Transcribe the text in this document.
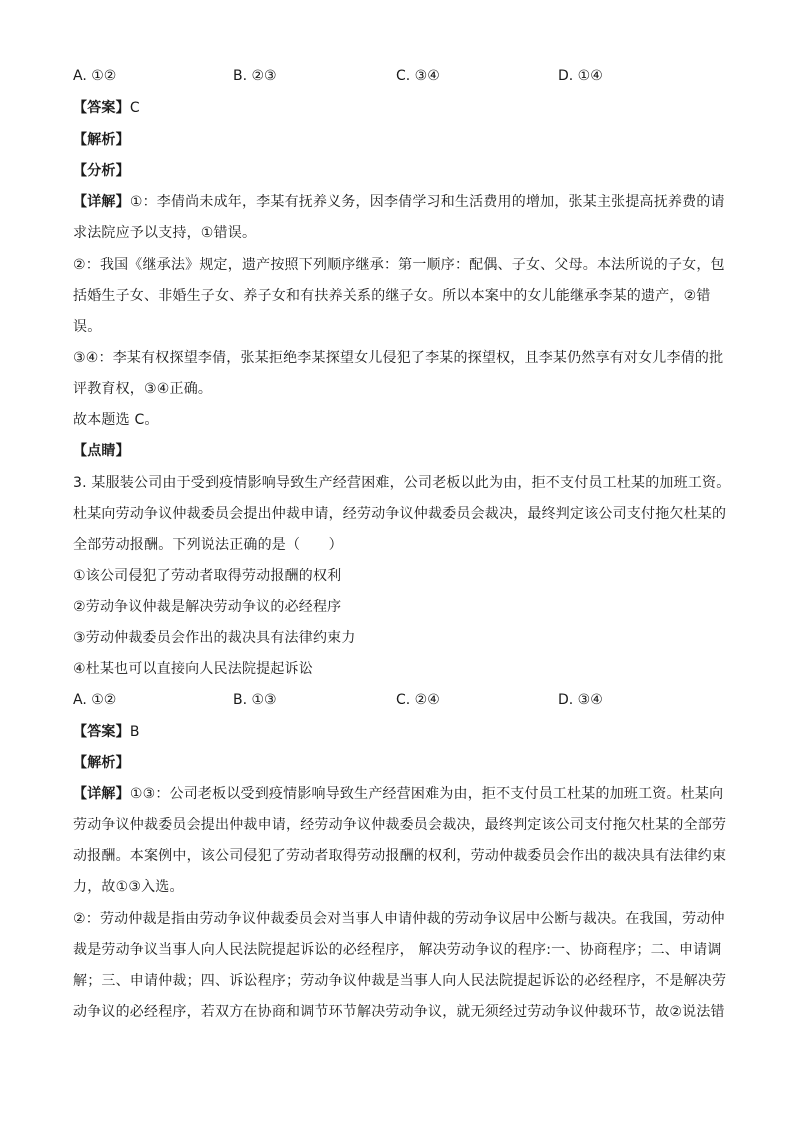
A. ①②	B. ②③	C. ③④	D. ①④
【答案】C
【解析】
【分析】
【详解】①：李倩尚未成年，李某有抚养义务，因李倩学习和生活费用的增加，张某主张提高抚养费的请
求法院应予以支持，①错误。
②：我国《继承法》规定，遗产按照下列顺序继承：第一顺序：配偶、子女、父母。本法所说的子女，包
括婚生子女、非婚生子女、养子女和有扶养关系的继子女。所以本案中的女儿能继承李某的遗产，②错
误。
③④：李某有权探望李倩，张某拒绝李某探望女儿侵犯了李某的探望权，且李某仍然享有对女儿李倩的批
评教育权，③④正确。
故本题选 C。
【点睛】
3. 某服装公司由于受到疫情影响导致生产经营困难，公司老板以此为由，拒不支付员工杜某的加班工资。
杜某向劳动争议仲裁委员会提出仲裁申请，经劳动争议仲裁委员会裁决，最终判定该公司支付拖欠杜某的
全部劳动报酬。下列说法正确的是（　　）
①该公司侵犯了劳动者取得劳动报酬的权利
②劳动争议仲裁是解决劳动争议的必经程序
③劳动仲裁委员会作出的裁决具有法律约束力
④杜某也可以直接向人民法院提起诉讼
A. ①②	B. ①③	C. ②④	D. ③④
【答案】B
【解析】
【详解】①③：公司老板以受到疫情影响导致生产经营困难为由，拒不支付员工杜某的加班工资。杜某向
劳动争议仲裁委员会提出仲裁申请，经劳动争议仲裁委员会裁决，最终判定该公司支付拖欠杜某的全部劳
动报酬。本案例中，该公司侵犯了劳动者取得劳动报酬的权利，劳动仲裁委员会作出的裁决具有法律约束
力，故①③入选。
②：劳动仲裁是指由劳动争议仲裁委员会对当事人申请仲裁的劳动争议居中公断与裁决。在我国，劳动仲
裁是劳动争议当事人向人民法院提起诉讼的必经程序， 解决劳动争议的程序:一、协商程序；二、申请调
解；三、申请仲裁；四、诉讼程序；劳动争议仲裁是当事人向人民法院提起诉讼的必经程序，不是解决劳
动争议的必经程序，若双方在协商和调节环节解决劳动争议，就无须经过劳动争议仲裁环节，故②说法错
